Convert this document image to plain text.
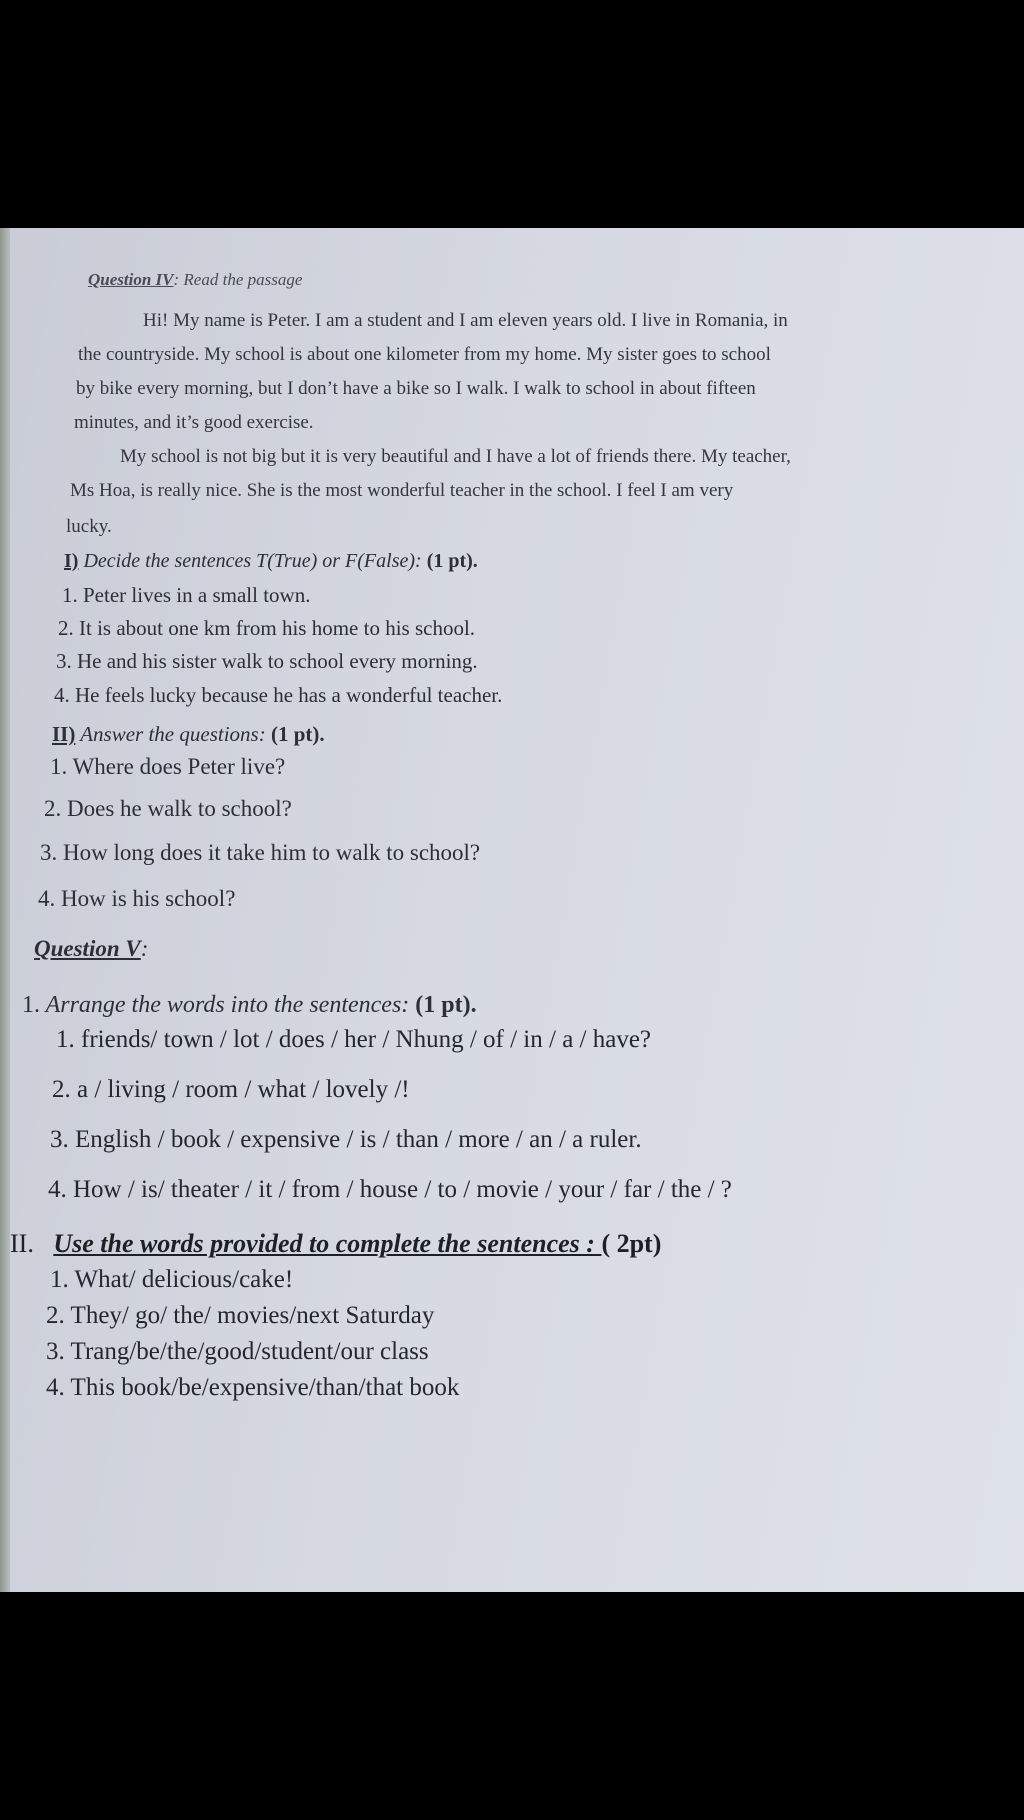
Question IV: Read the passage

Hi! My name is Peter. I am a student and I am eleven years old. I live in Romania, in

the countryside. My school is about one kilometer from my home. My sister goes to school

by bike every morning, but I don’t have a bike so I walk. I walk to school in about fifteen

minutes, and it’s good exercise.

My school is not big but it is very beautiful and I have a lot of friends there. My teacher,

Ms Hoa, is really nice. She is the most wonderful teacher in the school. I feel I am very

lucky.

I) Decide the sentences T(True) or F(False): (1 pt).

1. Peter lives in a small town.

2. It is about one km from his home to his school.

3. He and his sister walk to school every morning.

4. He feels lucky because he has a wonderful teacher.

II) Answer the questions: (1 pt).

1. Where does Peter live?

2. Does he walk to school?

3. How long does it take him to walk to school?

4. How is his school?

Question V:

1. Arrange the words into the sentences: (1 pt).

1. friends/ town / lot / does / her / Nhung / of / in / a / have?

2. a / living / room / what / lovely /!

3. English / book / expensive / is / than / more / an / a ruler.

4. How / is/ theater / it / from / house / to / movie / your / far / the / ?

II. Use the words provided to complete the sentences : ( 2pt)

1. What/ delicious/cake!

2. They/ go/ the/ movies/next Saturday

3. Trang/be/the/good/student/our class

4. This book/be/expensive/than/that book
